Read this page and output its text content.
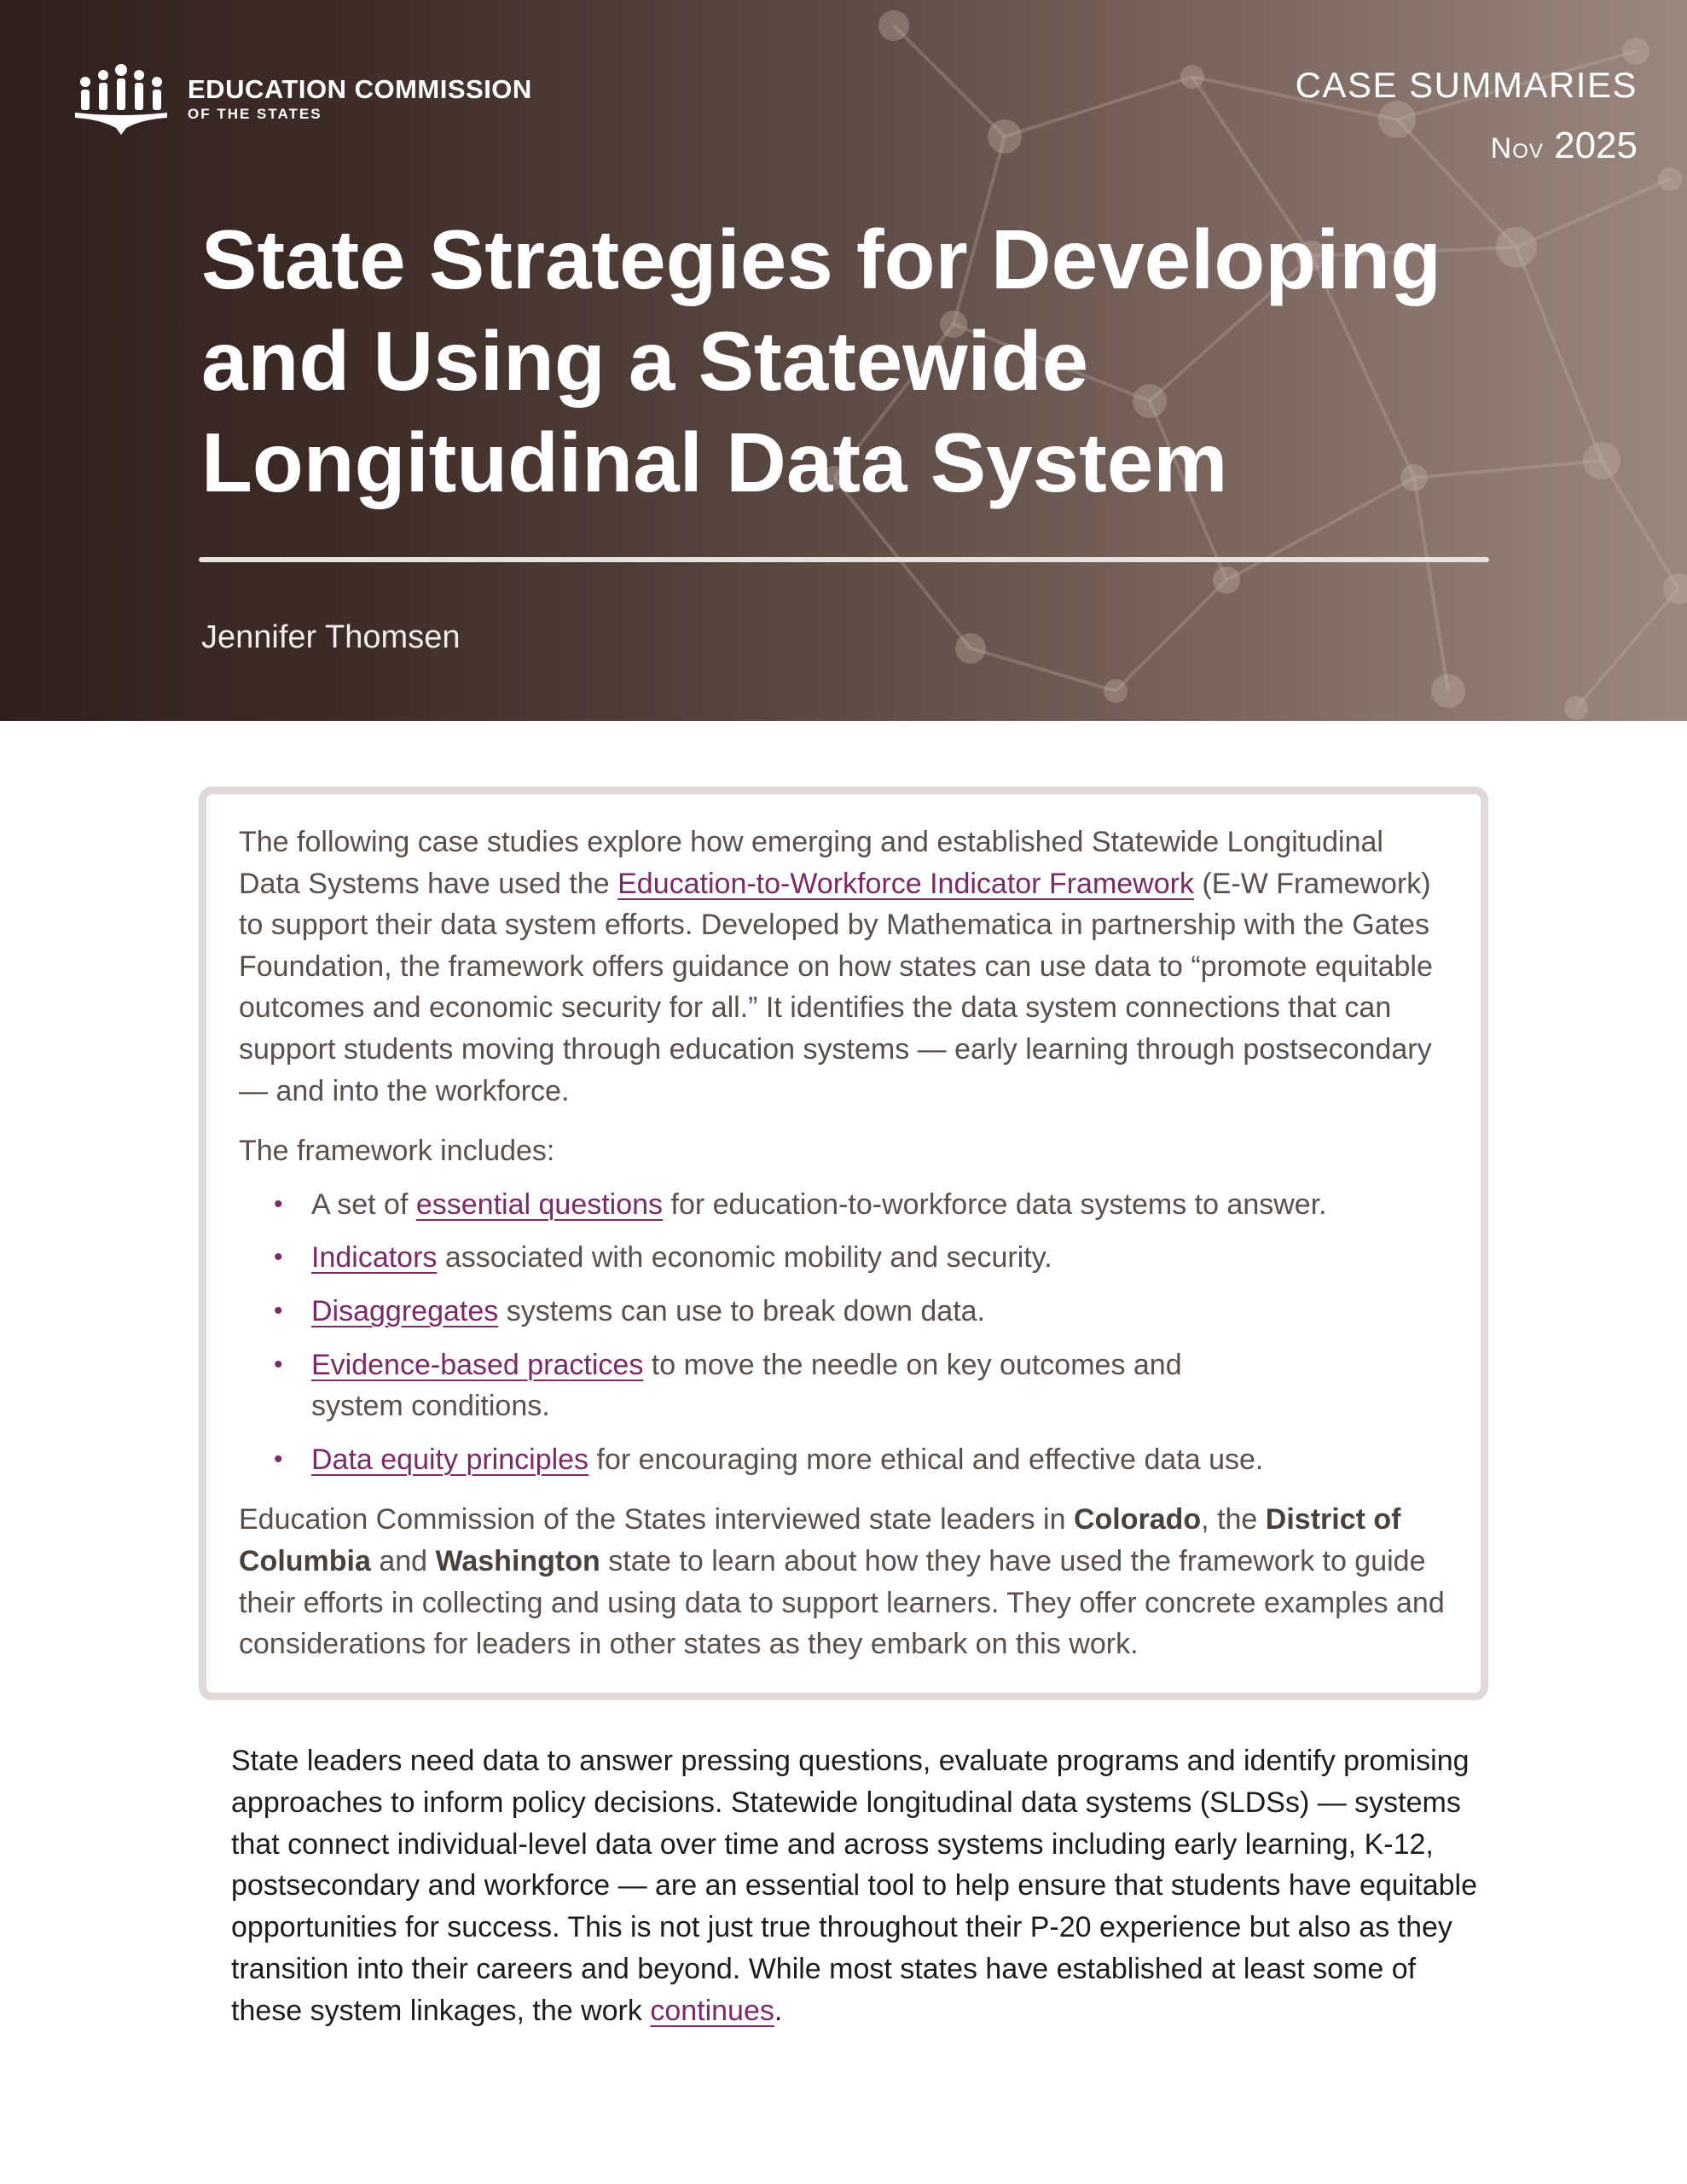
EDUCATION COMMISSION
OF THE STATES
CASE SUMMARIES
Nov 2025
State Strategies for Developing
and Using a Statewide
Longitudinal Data System
Jennifer Thomsen

The following case studies explore how emerging and established Statewide Longitudinal Data Systems have used the Education-to-Workforce Indicator Framework (E-W Framework) to support their data system efforts. Developed by Mathematica in partnership with the Gates Foundation, the framework offers guidance on how states can use data to “promote equitable outcomes and economic security for all.” It identifies the data system connections that can support students moving through education systems — early learning through postsecondary — and into the workforce.

The framework includes:

• A set of essential questions for education-to-workforce data systems to answer.
• Indicators associated with economic mobility and security.
• Disaggregates systems can use to break down data.
• Evidence-based practices to move the needle on key outcomes and system conditions.
• Data equity principles for encouraging more ethical and effective data use.

Education Commission of the States interviewed state leaders in Colorado, the District of Columbia and Washington state to learn about how they have used the framework to guide their efforts in collecting and using data to support learners. They offer concrete examples and considerations for leaders in other states as they embark on this work.

State leaders need data to answer pressing questions, evaluate programs and identify promising approaches to inform policy decisions. Statewide longitudinal data systems (SLDSs) — systems that connect individual-level data over time and across systems including early learning, K-12, postsecondary and workforce — are an essential tool to help ensure that students have equitable opportunities for success. This is not just true throughout their P-20 experience but also as they transition into their careers and beyond. While most states have established at least some of these system linkages, the work continues.
